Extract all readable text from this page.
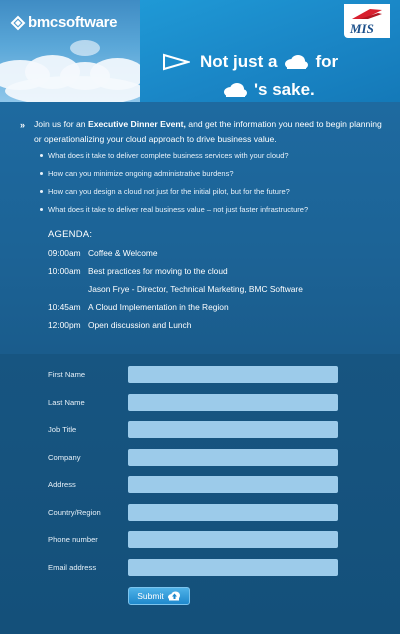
bmcsoftware	MIS
Not just a for
's sake.
» Join us for an Executive Dinner Event, and get the information you need to begin planning or operationalizing your cloud approach to drive business value.
What does it take to deliver complete business services with your cloud?
How can you minimize ongoing administrative burdens?
How can you design a cloud not just for the initial pilot, but for the future?
What does it take to deliver real business value – not just faster infrastructure?
AGENDA:
09:00am Coffee & Welcome
10:00am Best practices for moving to the cloud
Jason Frye - Director, Technical Marketing, BMC Software
10:45am A Cloud Implementation in the Region
12:00pm Open discussion and Lunch
First Name
Last Name
Job Title
Company
Address
Country/Region
Phone number
Email address
Submit
